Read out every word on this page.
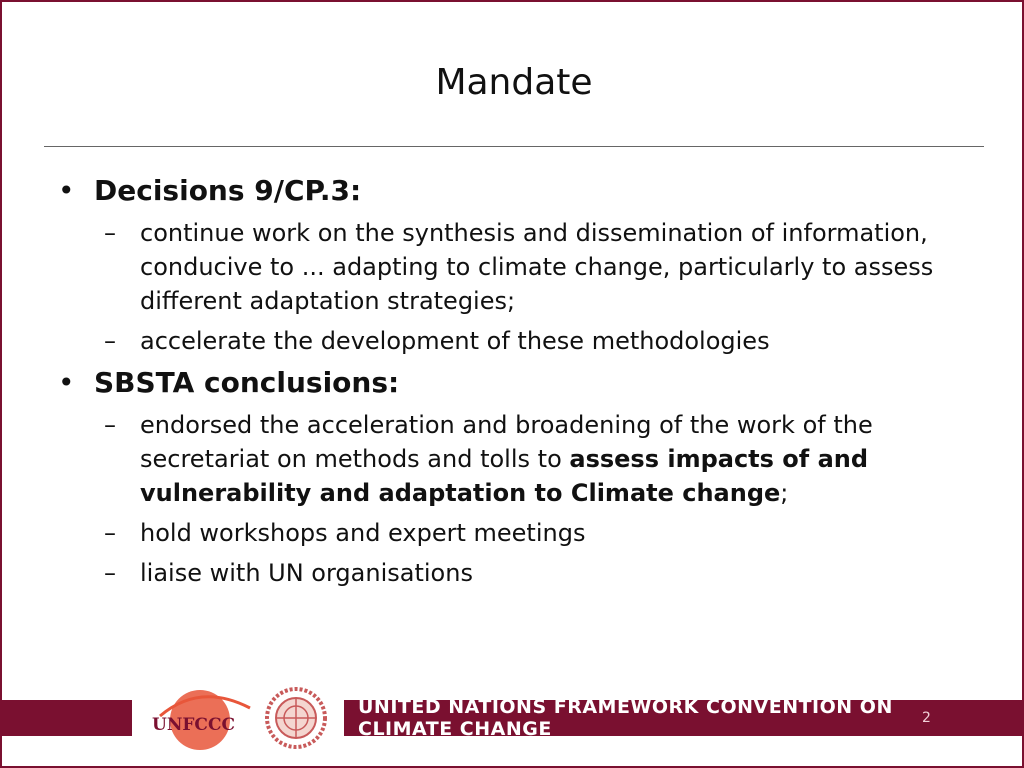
Mandate
• Decisions 9/CP.3:
– continue work on the synthesis and dissemination of information, conducive to ... adapting to climate change, particularly to assess different adaptation strategies;
– accelerate the development of these methodologies
• SBSTA conclusions:
– endorsed the acceleration and broadening of the work of the secretariat on methods and tolls to assess impacts of and vulnerability and adaptation to Climate change;
– hold workshops and expert meetings
– liaise with UN organisations
UNFCCC
UNITED NATIONS FRAMEWORK CONVENTION ON CLIMATE CHANGE	2
